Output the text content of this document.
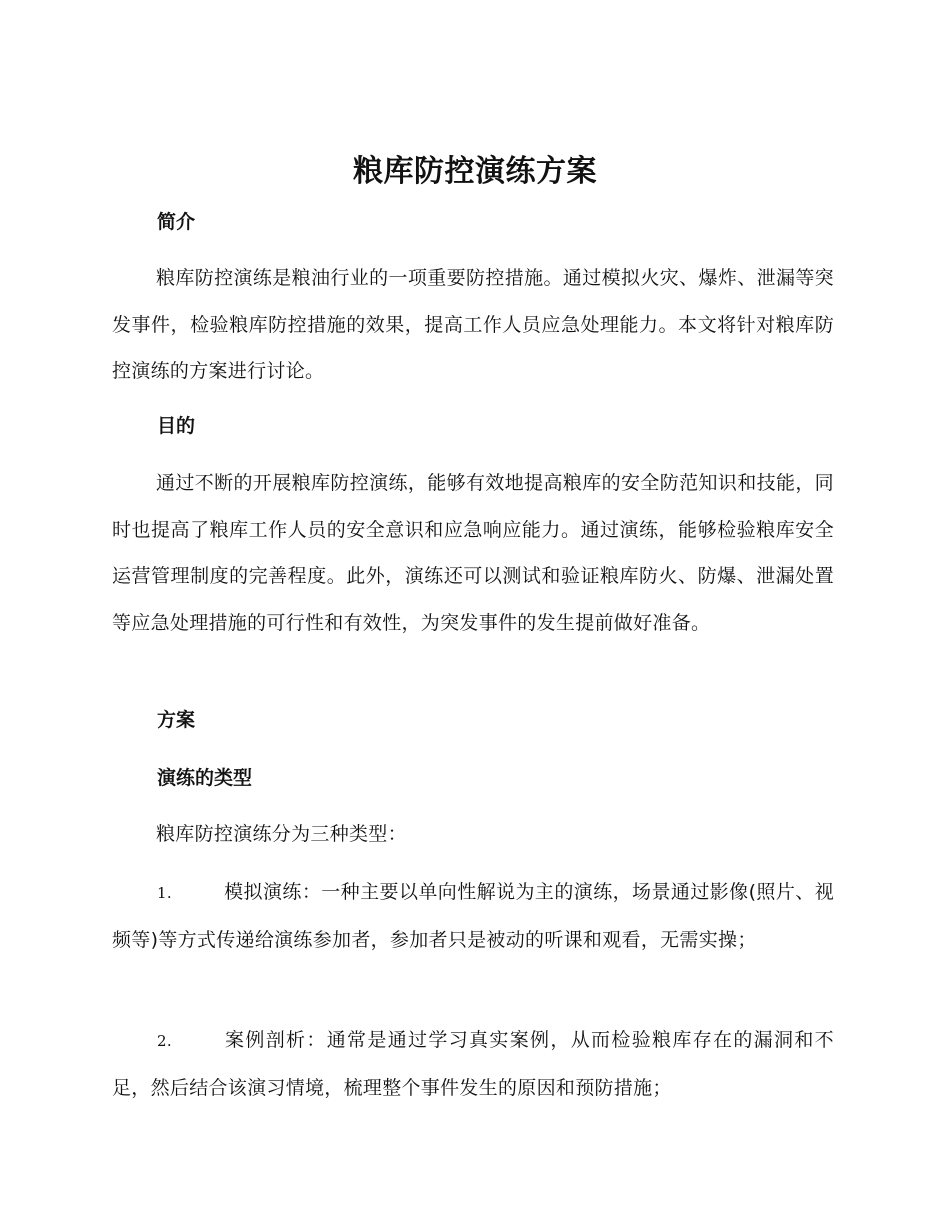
粮库防控演练方案
简介
粮库防控演练是粮油行业的一项重要防控措施。通过模拟火灾、爆炸、泄漏等突发事件，检验粮库防控措施的效果，提高工作人员应急处理能力。本文将针对粮库防控演练的方案进行讨论。
目的
通过不断的开展粮库防控演练，能够有效地提高粮库的安全防范知识和技能，同时也提高了粮库工作人员的安全意识和应急响应能力。通过演练，能够检验粮库安全运营管理制度的完善程度。此外，演练还可以测试和验证粮库防火、防爆、泄漏处置等应急处理措施的可行性和有效性，为突发事件的发生提前做好准备。
方案
演练的类型
粮库防控演练分为三种类型：
1.	模拟演练：一种主要以单向性解说为主的演练，场景通过影像(照片、视频等)等方式传递给演练参加者，参加者只是被动的听课和观看，无需实操；
2.	案例剖析：通常是通过学习真实案例，从而检验粮库存在的漏洞和不足，然后结合该演习情境，梳理整个事件发生的原因和预防措施；
